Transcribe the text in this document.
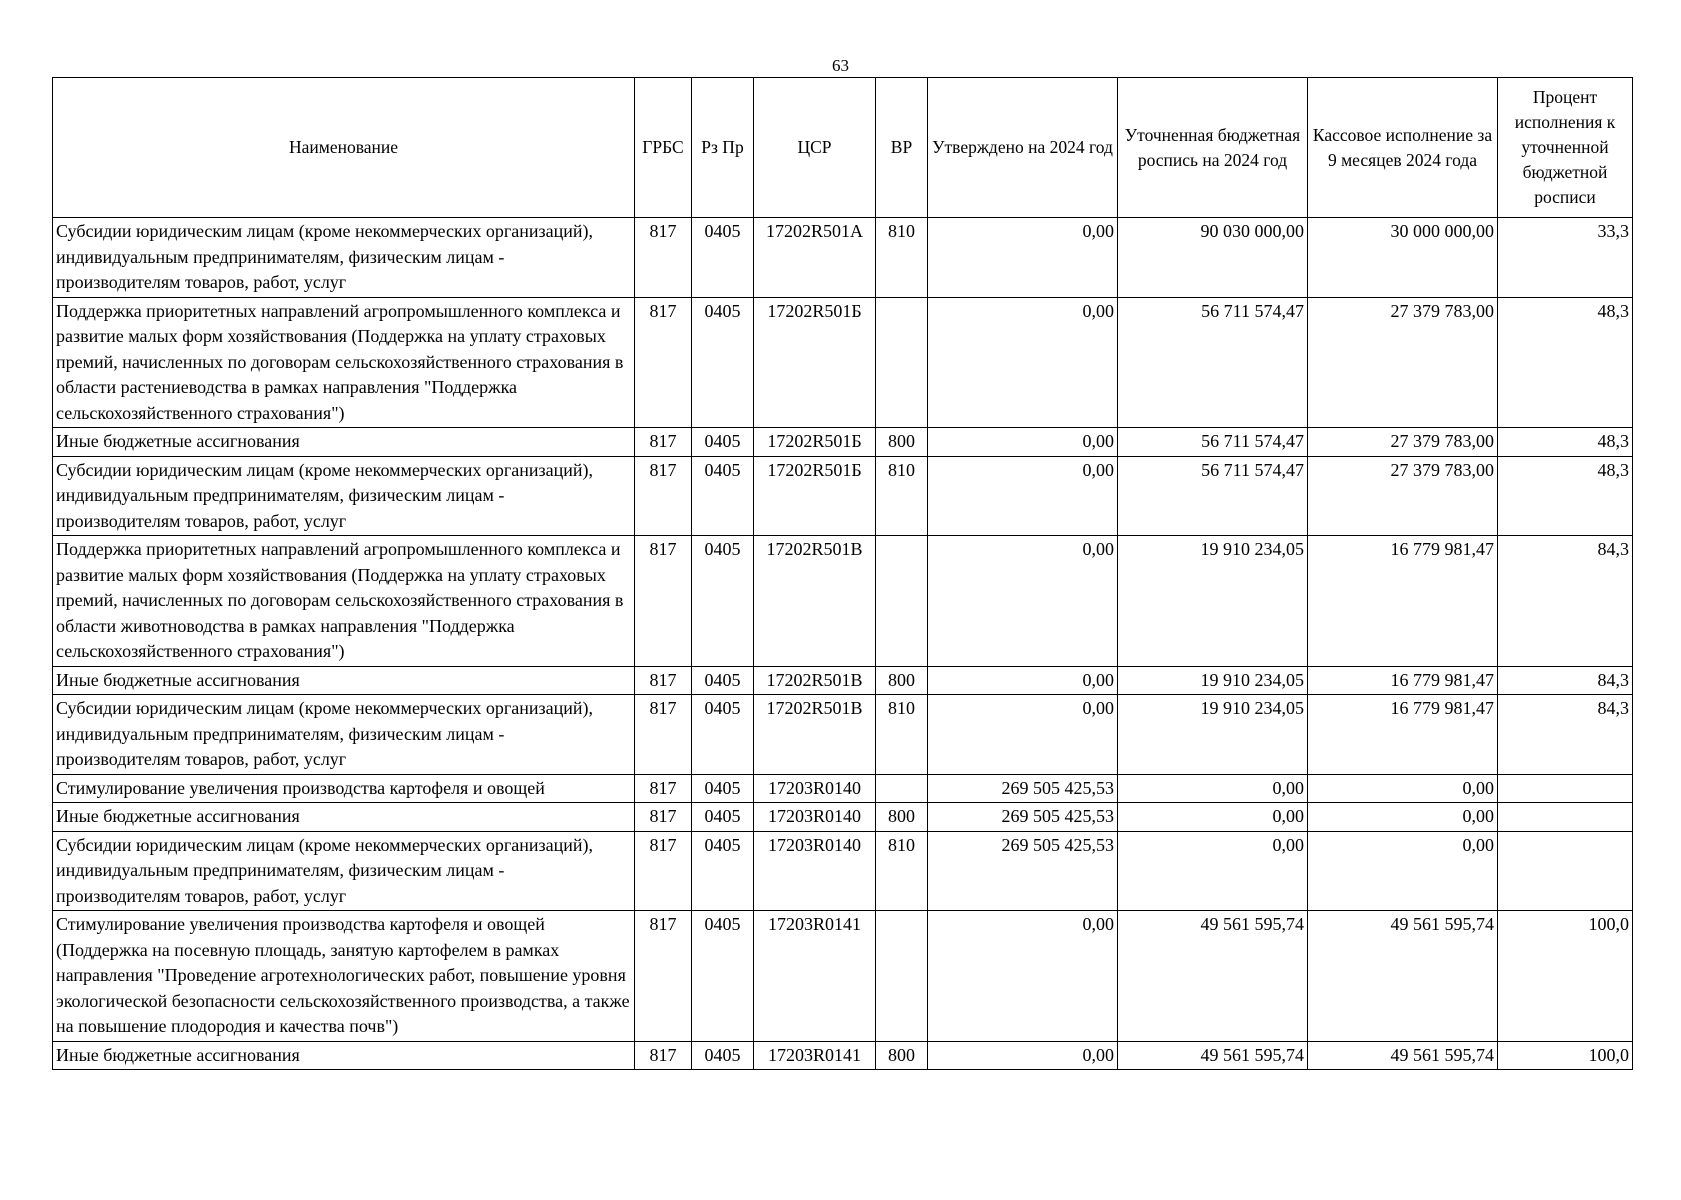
63
Наименование	ГРБС	Рз Пр	ЦСР	ВР	Утверждено на 2024 год	Уточненная бюджетная роспись на 2024 год	Кассовое исполнение за 9 месяцев 2024 года	Процент исполнения к уточненной бюджетной росписи
Субсидии юридическим лицам (кроме некоммерческих организаций), индивидуальным предпринимателям, физическим лицам - производителям товаров, работ, услуг	817	0405	17202R501А	810	0,00	90 030 000,00	30 000 000,00	33,3
Поддержка приоритетных направлений агропромышленного комплекса и развитие малых форм хозяйствования (Поддержка на уплату страховых премий, начисленных по договорам сельскохозяйственного страхования в области растениеводства в рамках направления "Поддержка сельскохозяйственного страхования")	817	0405	17202R501Б		0,00	56 711 574,47	27 379 783,00	48,3
Иные бюджетные ассигнования	817	0405	17202R501Б	800	0,00	56 711 574,47	27 379 783,00	48,3
Субсидии юридическим лицам (кроме некоммерческих организаций), индивидуальным предпринимателям, физическим лицам - производителям товаров, работ, услуг	817	0405	17202R501Б	810	0,00	56 711 574,47	27 379 783,00	48,3
Поддержка приоритетных направлений агропромышленного комплекса и развитие малых форм хозяйствования (Поддержка на уплату страховых премий, начисленных по договорам сельскохозяйственного страхования в области животноводства в рамках направления "Поддержка сельскохозяйственного страхования")	817	0405	17202R501В		0,00	19 910 234,05	16 779 981,47	84,3
Иные бюджетные ассигнования	817	0405	17202R501В	800	0,00	19 910 234,05	16 779 981,47	84,3
Субсидии юридическим лицам (кроме некоммерческих организаций), индивидуальным предпринимателям, физическим лицам - производителям товаров, работ, услуг	817	0405	17202R501В	810	0,00	19 910 234,05	16 779 981,47	84,3
Стимулирование увеличения производства картофеля и овощей	817	0405	17203R0140		269 505 425,53	0,00	0,00	
Иные бюджетные ассигнования	817	0405	17203R0140	800	269 505 425,53	0,00	0,00	
Субсидии юридическим лицам (кроме некоммерческих организаций), индивидуальным предпринимателям, физическим лицам - производителям товаров, работ, услуг	817	0405	17203R0140	810	269 505 425,53	0,00	0,00	
Стимулирование увеличения производства картофеля и овощей (Поддержка на посевную площадь, занятую картофелем в рамках направления "Проведение агротехнологических работ, повышение уровня экологической безопасности сельскохозяйственного производства, а также на повышение плодородия и качества почв")	817	0405	17203R0141		0,00	49 561 595,74	49 561 595,74	100,0
Иные бюджетные ассигнования	817	0405	17203R0141	800	0,00	49 561 595,74	49 561 595,74	100,0
